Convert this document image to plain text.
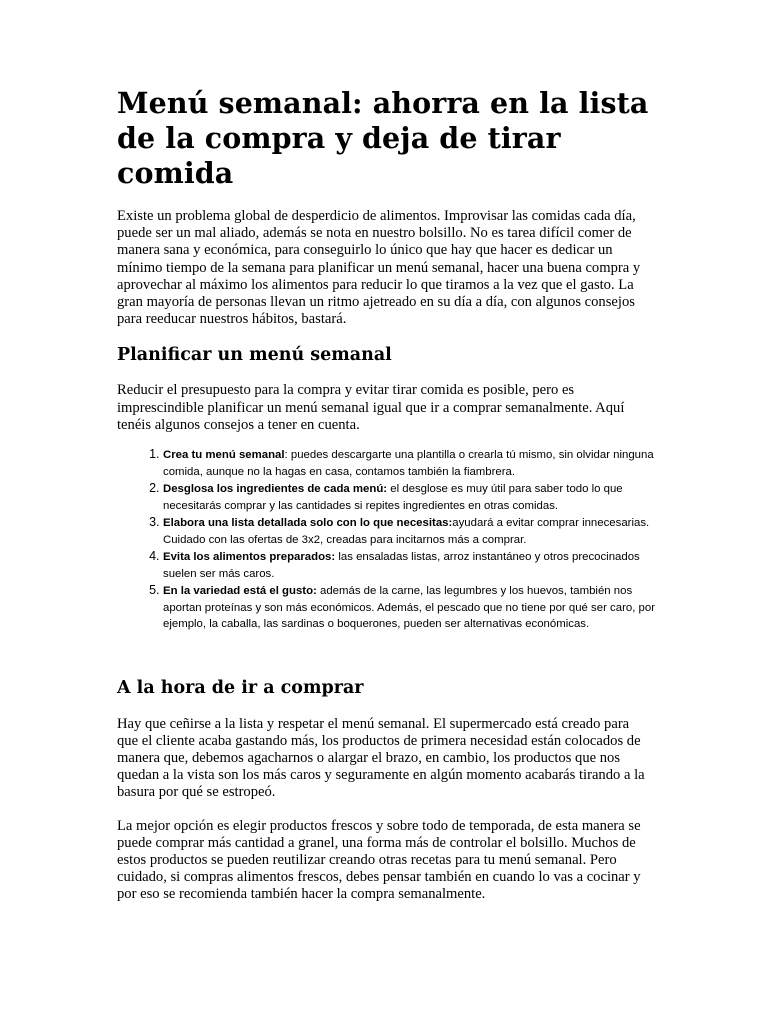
Menú semanal: ahorra en la lista de la compra y deja de tirar comida

Existe un problema global de desperdicio de alimentos. Improvisar las comidas cada día, puede ser un mal aliado, además se nota en nuestro bolsillo. No es tarea difícil comer de manera sana y económica, para conseguirlo lo único que hay que hacer es dedicar un mínimo tiempo de la semana para planificar un menú semanal, hacer una buena compra y aprovechar al máximo los alimentos para reducir lo que tiramos a la vez que el gasto. La gran mayoría de personas llevan un ritmo ajetreado en su día a día, con algunos consejos para reeducar nuestros hábitos, bastará.

Planificar un menú semanal

Reducir el presupuesto para la compra y evitar tirar comida es posible, pero es imprescindible planificar un menú semanal igual que ir a comprar semanalmente. Aquí tenéis algunos consejos a tener en cuenta.

1. Crea tu menú semanal: puedes descargarte una plantilla o crearla tú mismo, sin olvidar ninguna comida, aunque no la hagas en casa, contamos también la fiambrera.
2. Desglosa los ingredientes de cada menú: el desglose es muy útil para saber todo lo que necesitarás comprar y las cantidades si repites ingredientes en otras comidas.
3. Elabora una lista detallada solo con lo que necesitas:ayudará a evitar comprar innecesarias. Cuidado con las ofertas de 3x2, creadas para incitarnos más a comprar.
4. Evita los alimentos preparados: las ensaladas listas, arroz instantáneo y otros precocinados suelen ser más caros.
5. En la variedad está el gusto: además de la carne, las legumbres y los huevos, también nos aportan proteínas y son más económicos. Además, el pescado que no tiene por qué ser caro, por ejemplo, la caballa, las sardinas o boquerones, pueden ser alternativas económicas.
A la hora de ir a comprar

Hay que ceñirse a la lista y respetar el menú semanal. El supermercado está creado para que el cliente acaba gastando más, los productos de primera necesidad están colocados de manera que, debemos agacharnos o alargar el brazo, en cambio, los productos que nos quedan a la vista son los más caros y seguramente en algún momento acabarás tirando a la basura por qué se estropeó.

La mejor opción es elegir productos frescos y sobre todo de temporada, de esta manera se puede comprar más cantidad a granel, una forma más de controlar el bolsillo. Muchos de estos productos se pueden reutilizar creando otras recetas para tu menú semanal. Pero cuidado, si compras alimentos frescos, debes pensar también en cuando lo vas a cocinar y por eso se recomienda también hacer la compra semanalmente.
